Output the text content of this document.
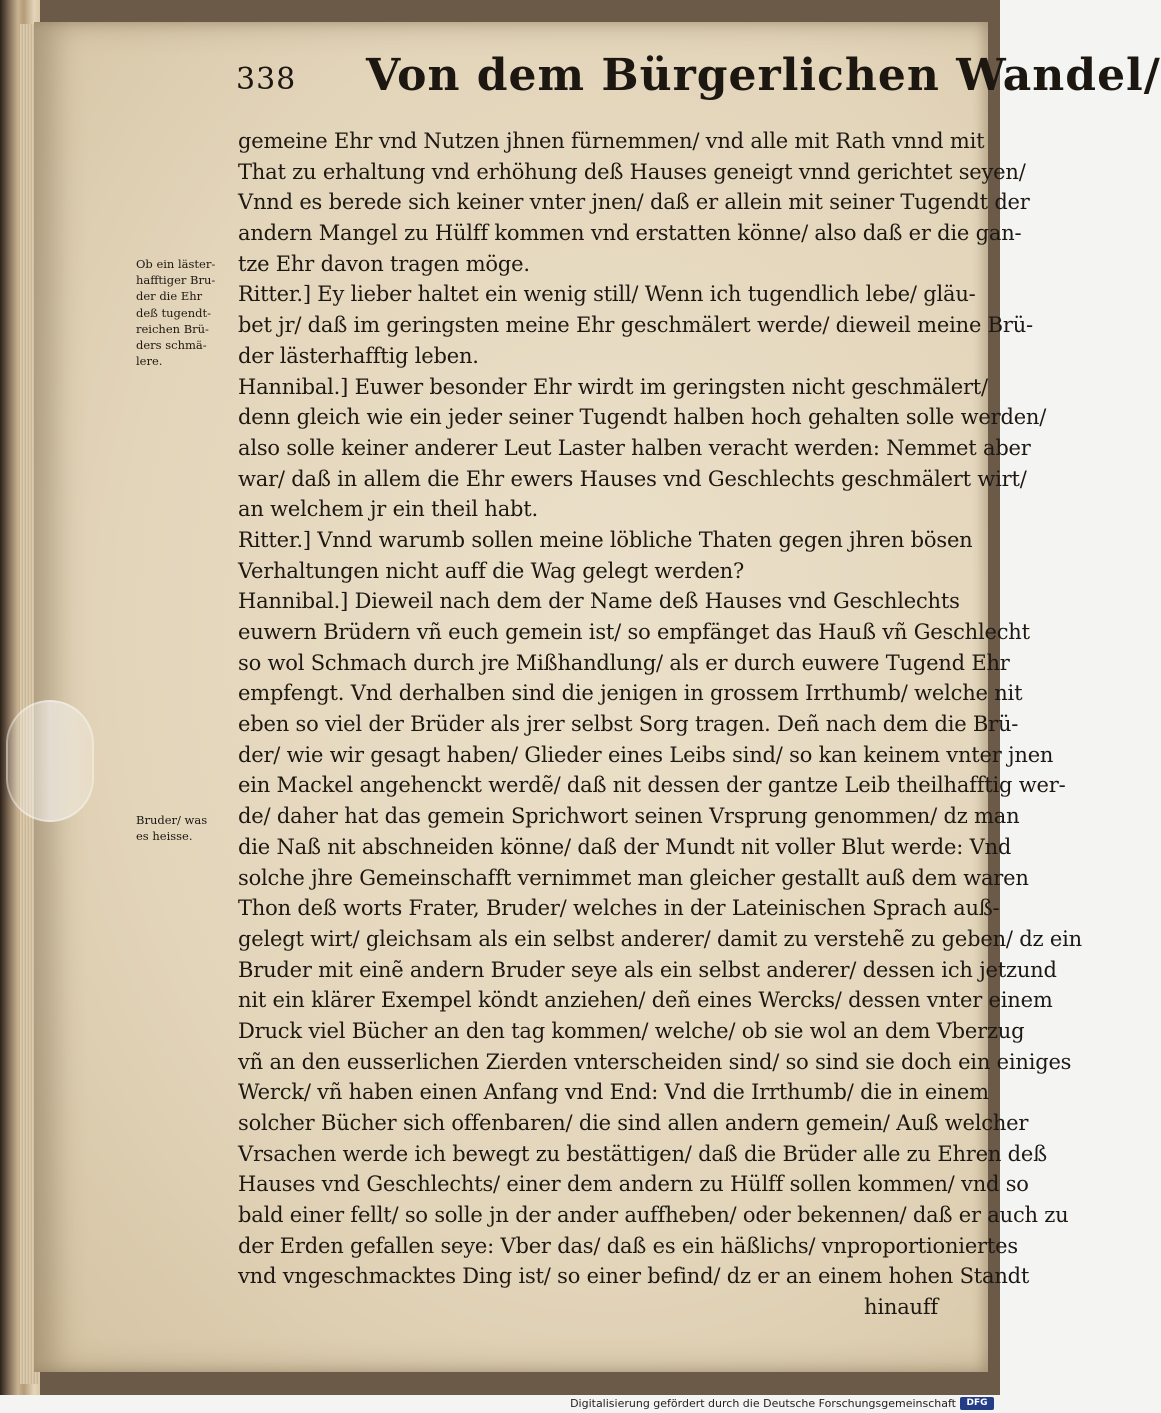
338 Von dem Bürgerlichen Wandel/
gemeine Ehr vnd Nutzen jhnen fürnemmen/ vnd alle mit Rath vnnd mit
That zu erhaltung vnd erhöhung deß Hauses geneigt vnnd gerichtet seyen/
Vnnd es berede sich keiner vnter jnen/ daß er allein mit seiner Tugendt der
andern Mangel zu Hülff kommen vnd erstatten könne/ also daß er die gan-
tze Ehr davon tragen möge.
Ritter.] Ey lieber haltet ein wenig still/ Wenn ich tugendlich lebe/ gläu-
bet jr/ daß im geringsten meine Ehr geschmälert werde/ dieweil meine Brü-
der lästerhafftig leben.
Hannibal.] Euwer besonder Ehr wirdt im geringsten nicht geschmälert/
denn gleich wie ein jeder seiner Tugendt halben hoch gehalten solle werden/
also solle keiner anderer Leut Laster halben veracht werden: Nemmet aber
war/ daß in allem die Ehr ewers Hauses vnd Geschlechts geschmälert wirt/
an welchem jr ein theil habt.
Ritter.] Vnnd warumb sollen meine löbliche Thaten gegen jhren bösen
Verhaltungen nicht auff die Wag gelegt werden?
Hannibal.] Dieweil nach dem der Name deß Hauses vnd Geschlechts
euwern Brüdern vñ euch gemein ist/ so empfänget das Hauß vñ Geschlecht
so wol Schmach durch jre Mißhandlung/ als er durch euwere Tugend Ehr
empfengt. Vnd derhalben sind die jenigen in grossem Irrthumb/ welche nit
eben so viel der Brüder als jrer selbst Sorg tragen. Deñ nach dem die Brü-
der/ wie wir gesagt haben/ Glieder eines Leibs sind/ so kan keinem vnter jnen
ein Mackel angehenckt werdẽ/ daß nit dessen der gantze Leib theilhafftig wer-
de/ daher hat das gemein Sprichwort seinen Vrsprung genommen/ dz man
die Naß nit abschneiden könne/ daß der Mundt nit voller Blut werde: Vnd
solche jhre Gemeinschafft vernimmet man gleicher gestallt auß dem waren
Thon deß worts Frater, Bruder/ welches in der Lateinischen Sprach auß-
gelegt wirt/ gleichsam als ein selbst anderer/ damit zu verstehẽ zu geben/ dz ein
Bruder mit einẽ andern Bruder seye als ein selbst anderer/ dessen ich jetzund
nit ein klärer Exempel köndt anziehen/ deñ eines Wercks/ dessen vnter einem
Druck viel Bücher an den tag kommen/ welche/ ob sie wol an dem Vberzug
vñ an den eusserlichen Zierden vnterscheiden sind/ so sind sie doch ein einiges
Werck/ vñ haben einen Anfang vnd End: Vnd die Irrthumb/ die in einem
solcher Bücher sich offenbaren/ die sind allen andern gemein/ Auß welcher
Vrsachen werde ich bewegt zu bestättigen/ daß die Brüder alle zu Ehren deß
Hauses vnd Geschlechts/ einer dem andern zu Hülff sollen kommen/ vnd so
bald einer fellt/ so solle jn der ander auffheben/ oder bekennen/ daß er auch zu
der Erden gefallen seye: Vber das/ daß es ein häßlichs/ vnproportioniertes
vnd vngeschmacktes Ding ist/ so einer befind/ dz er an einem hohen Standt
hinauff
Ob ein läster-
hafftiger Bru-
der die Ehr
deß tugendt-
reichen Brü-
ders schmä-
lere.
Bruder/ was
es heisse.
Digitalisierung gefördert durch die Deutsche Forschungsgemeinschaft	DFG
